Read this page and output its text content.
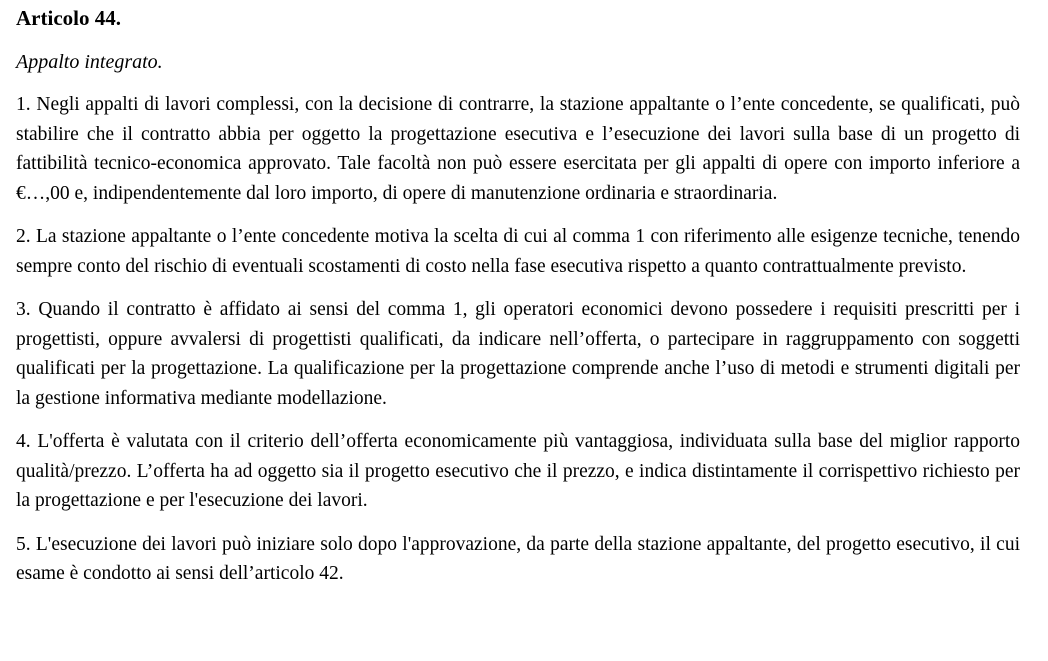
Articolo 44.
Appalto integrato.

1. Negli appalti di lavori complessi, con la decisione di contrarre, la stazione appaltante o l’ente concedente, se qualificati, può stabilire che il contratto abbia per oggetto la progettazione esecutiva e l’esecuzione dei lavori sulla base di un progetto di fattibilità tecnico-economica approvato. Tale facoltà non può essere esercitata per gli appalti di opere con importo inferiore a €…,00 e, indipendentemente dal loro importo, di opere di manutenzione ordinaria e straordinaria.

2. La stazione appaltante o l’ente concedente motiva la scelta di cui al comma 1 con riferimento alle esigenze tecniche, tenendo sempre conto del rischio di eventuali scostamenti di costo nella fase esecutiva rispetto a quanto contrattualmente previsto.

3. Quando il contratto è affidato ai sensi del comma 1, gli operatori economici devono possedere i requisiti prescritti per i progettisti, oppure avvalersi di progettisti qualificati, da indicare nell’offerta, o partecipare in raggruppamento con soggetti qualificati per la progettazione. La qualificazione per la progettazione comprende anche l’uso di metodi e strumenti digitali per la gestione informativa mediante modellazione.

4. L'offerta è valutata con il criterio dell’offerta economicamente più vantaggiosa, individuata sulla base del miglior rapporto qualità/prezzo. L’offerta ha ad oggetto sia il progetto esecutivo che il prezzo, e indica distintamente il corrispettivo richiesto per la progettazione e per l'esecuzione dei lavori.

5. L'esecuzione dei lavori può iniziare solo dopo l'approvazione, da parte della stazione appaltante, del progetto esecutivo, il cui esame è condotto ai sensi dell’articolo 42.
